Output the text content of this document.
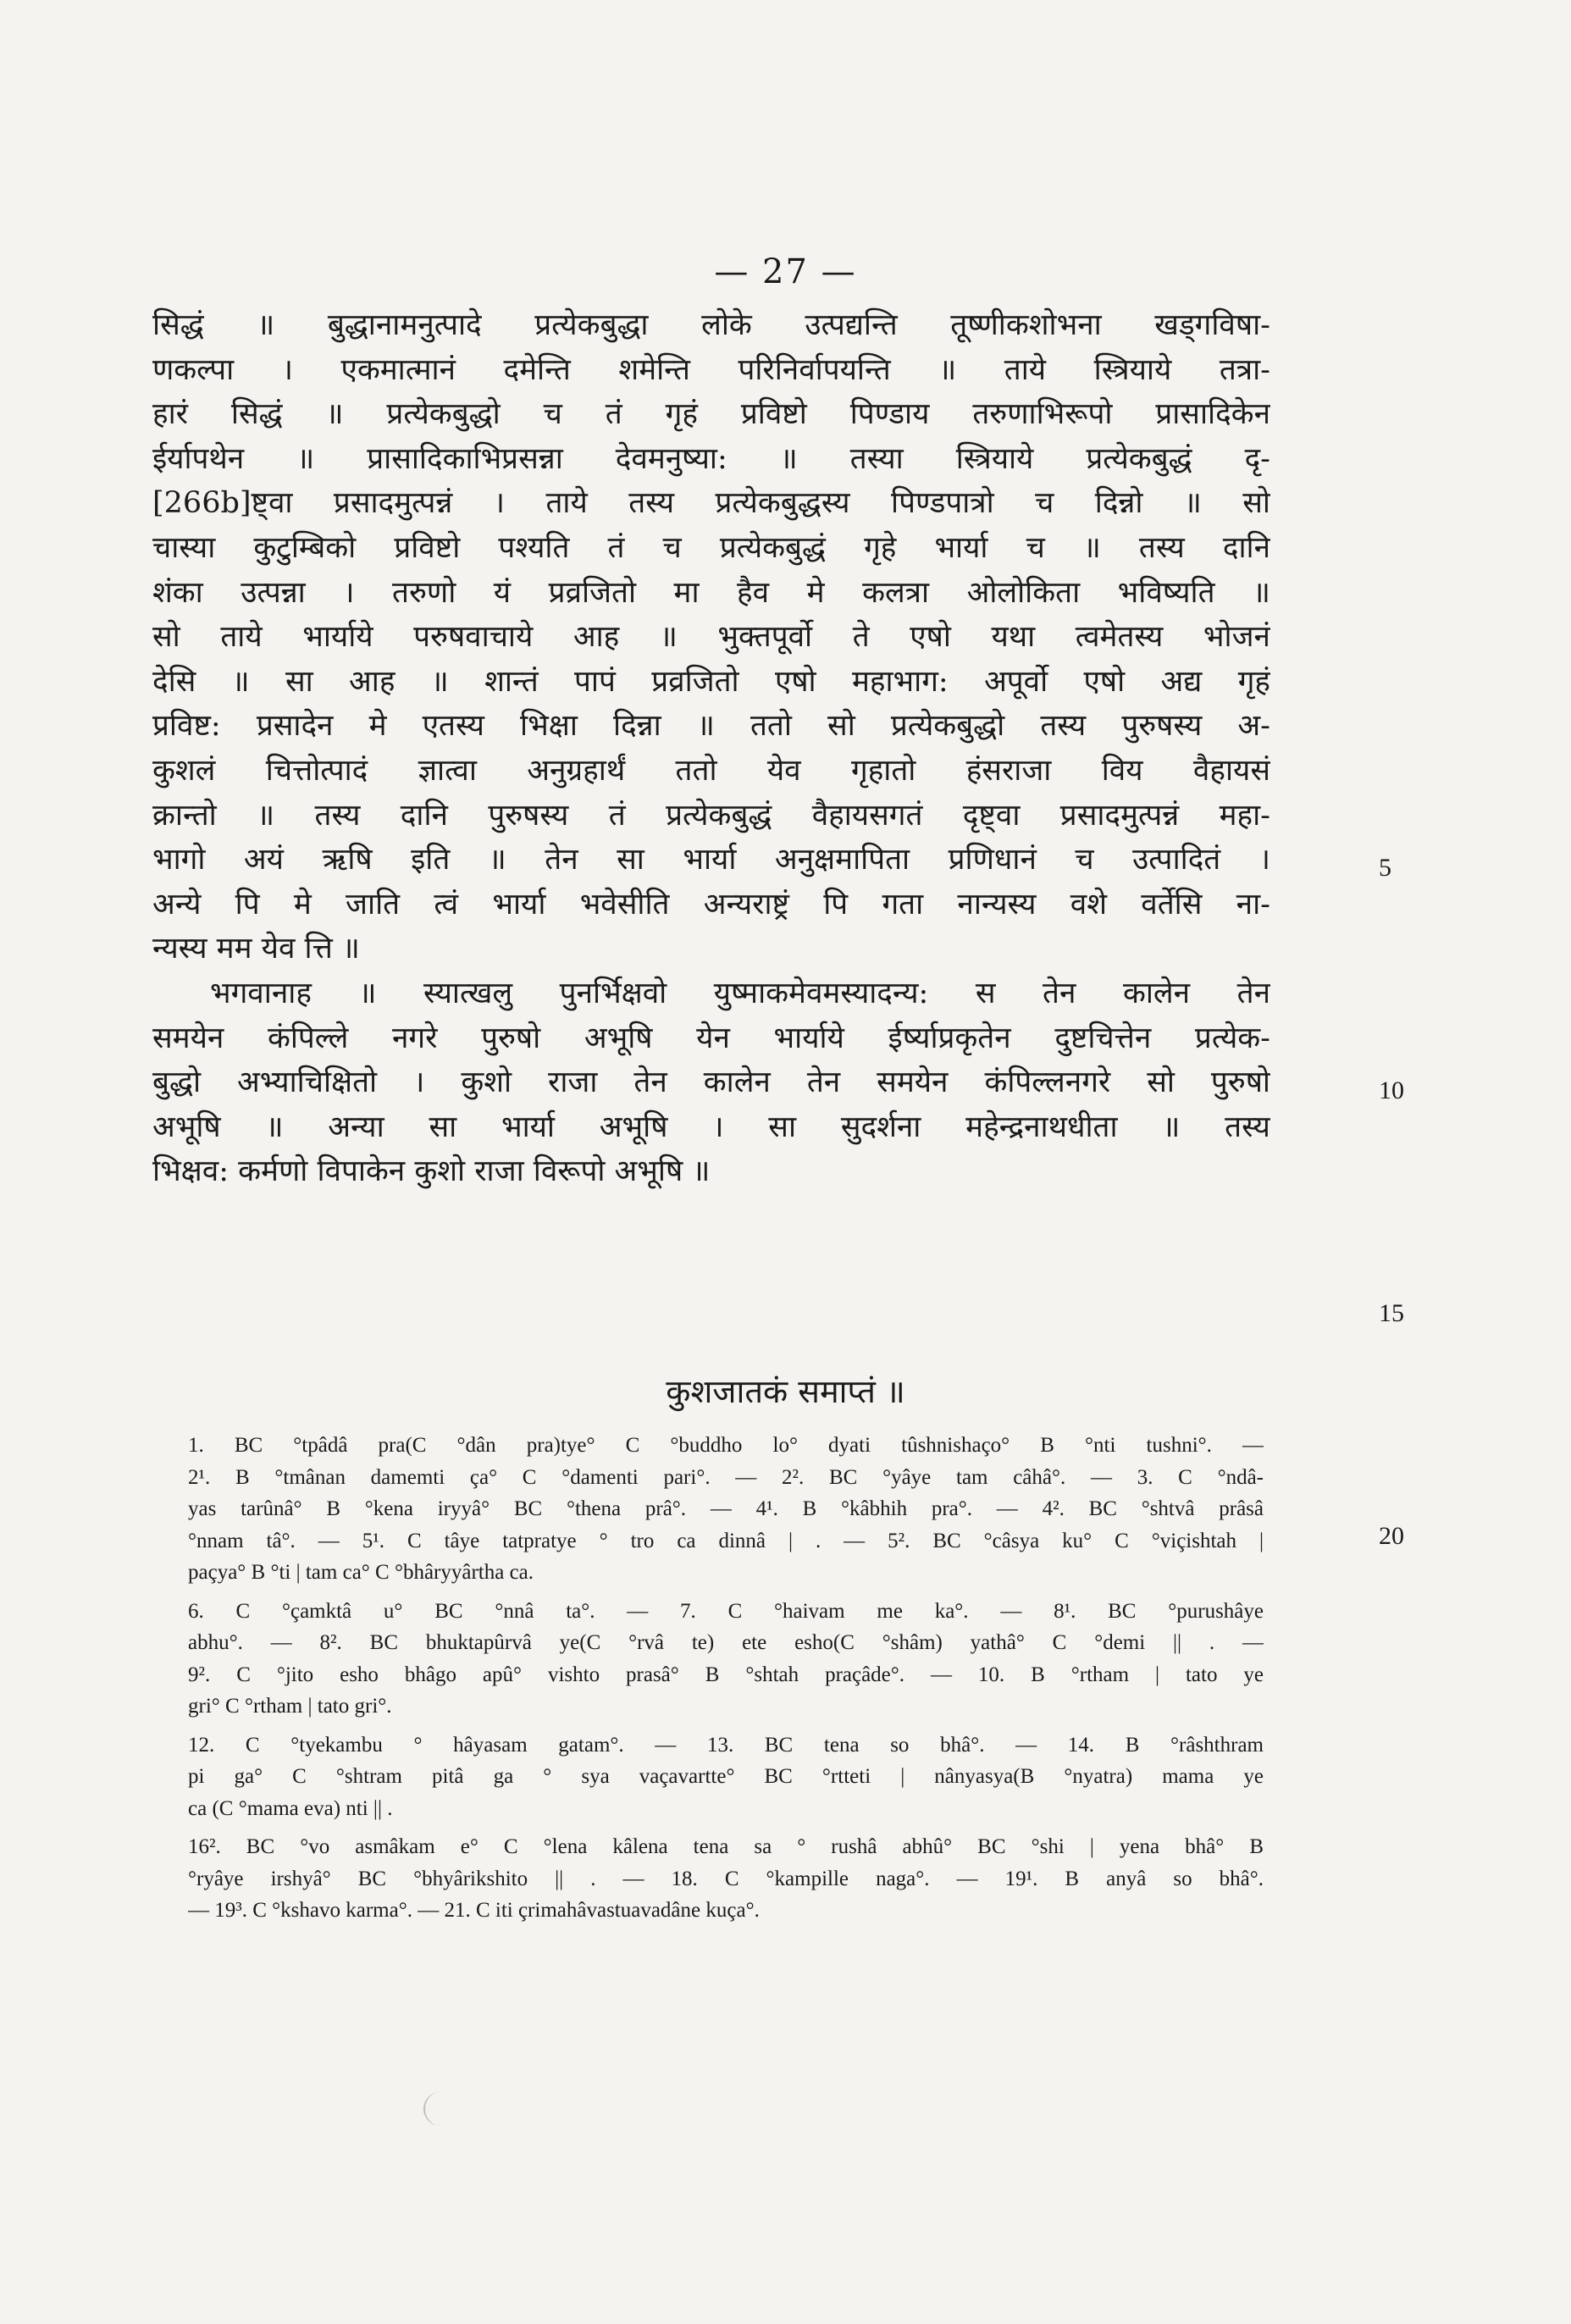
— 27 —
सिद्धं ॥ बुद्धानामनुत्पादे प्रत्येकबुद्धा लोके उत्पद्यन्ति तूष्णीकशोभना खड्गविषा-
णकल्पा । एकमात्मानं दमेन्ति शमेन्ति परिनिर्वापयन्ति ॥ ताये स्त्रियाये तत्रा-
हारं सिद्धं ॥ प्रत्येकबुद्धो च तं गृहं प्रविष्टो पिण्डाय तरुणाभिरूपो प्रासादिकेन
ईर्यापथेन ॥ प्रासादिकाभिप्रसन्ना देवमनुष्या: ॥ तस्या स्त्रियाये प्रत्येकबुद्धं दृ-
[266b]ष्ट्वा प्रसादमुत्पन्नं । ताये तस्य प्रत्येकबुद्धस्य पिण्डपात्रो च दिन्नो ॥ सो
चास्या कुटुम्बिको प्रविष्टो पश्यति तं च प्रत्येकबुद्धं गृहे भार्या च ॥ तस्य दानि
शंका उत्पन्ना । तरुणो यं प्रव्रजितो मा हैव मे कलत्रा ओलोकिता भविष्यति ॥
सो ताये भार्याये परुषवाचाये आह ॥ भुक्तपूर्वो ते एषो यथा त्वमेतस्य भोजनं
देसि ॥ सा आह ॥ शान्तं पापं प्रव्रजितो एषो महाभाग: अपूर्वो एषो अद्य गृहं
प्रविष्ट: प्रसादेन मे एतस्य भिक्षा दिन्ना ॥ ततो सो प्रत्येकबुद्धो तस्य पुरुषस्य अ-
कुशलं चित्तोत्पादं ज्ञात्वा अनुग्रहार्थं ततो येव गृहातो हंसराजा विय वैहायसं
क्रान्तो ॥ तस्य दानि पुरुषस्य तं प्रत्येकबुद्धं वैहायसगतं दृष्ट्वा प्रसादमुत्पन्नं महा-
भागो अयं ऋषि इति ॥ तेन सा भार्या अनुक्षमापिता प्रणिधानं च उत्पादितं ।
अन्ये पि मे जाति त्वं भार्या भवेसीति अन्यराष्ट्रं पि गता नान्यस्य वशे वर्तेसि ना-
न्यस्य मम येव त्ति ॥
भगवानाह ॥ स्यात्खलु पुनर्भिक्षवो युष्माकमेवमस्यादन्य: स तेन कालेन तेन
समयेन कंपिल्ले नगरे पुरुषो अभूषि येन भार्याये ईर्ष्याप्रकृतेन दुष्टचित्तेन प्रत्येक-
बुद्धो अभ्याचिक्षितो । कुशो राजा तेन कालेन तेन समयेन कंपिल्लनगरे सो पुरुषो
अभूषि ॥ अन्या सा भार्या अभूषि । सा सुदर्शना महेन्द्रनाथधीता ॥ तस्य
भिक्षव: कर्मणो विपाकेन कुशो राजा विरूपो अभूषि ॥
5
10
15
20
कुशजातकं समाप्तं ॥
1. BC °tpâdâ pra(C °dân pra)tye° C °buddho lo° dyati tûshnishaço° B °nti tushni°. —
2¹. B °tmânan damemti ça° C °damenti pari°. — 2². BC °yâye tam câhâ°. — 3. C °ndâ-
yas tarûnâ° B °kena iryyâ° BC °thena prâ°. — 4¹. B °kâbhih pra°. — 4². BC °shtvâ prâsâ
°nnam tâ°. — 5¹. C tâye tatpratye ° tro ca dinnâ | . — 5². BC °câsya ku° C °viçishtah |
paçya° B °ti | tam ca° C °bhâryyârtha ca.
6. C °çamktâ u° BC °nnâ ta°. — 7. C °haivam me ka°. — 8¹. BC °purushâye
abhu°. — 8². BC bhuktapûrvâ ye(C °rvâ te) ete esho(C °shâm) yathâ° C °demi || . —
9². C °jito esho bhâgo apû° vishto prasâ° B °shtah praçâde°. — 10. B °rtham | tato ye
gri° C °rtham | tato gri°.
12. C °tyekambu ° hâyasam gatam°. — 13. BC tena so bhâ°. — 14. B °râshthram
pi ga° C °shtram pitâ ga ° sya vaçavartte° BC °rtteti | nânyasya(B °nyatra) mama ye
ca (C °mama eva) nti || .
16². BC °vo asmâkam e° C °lena kâlena tena sa ° rushâ abhû° BC °shi | yena bhâ° B
°ryâye irshyâ° BC °bhyârikshito || . — 18. C °kampille naga°. — 19¹. B anyâ so bhâ°.
— 19³. C °kshavo karma°. — 21. C iti çrimahâvastuavadâne kuça°.
